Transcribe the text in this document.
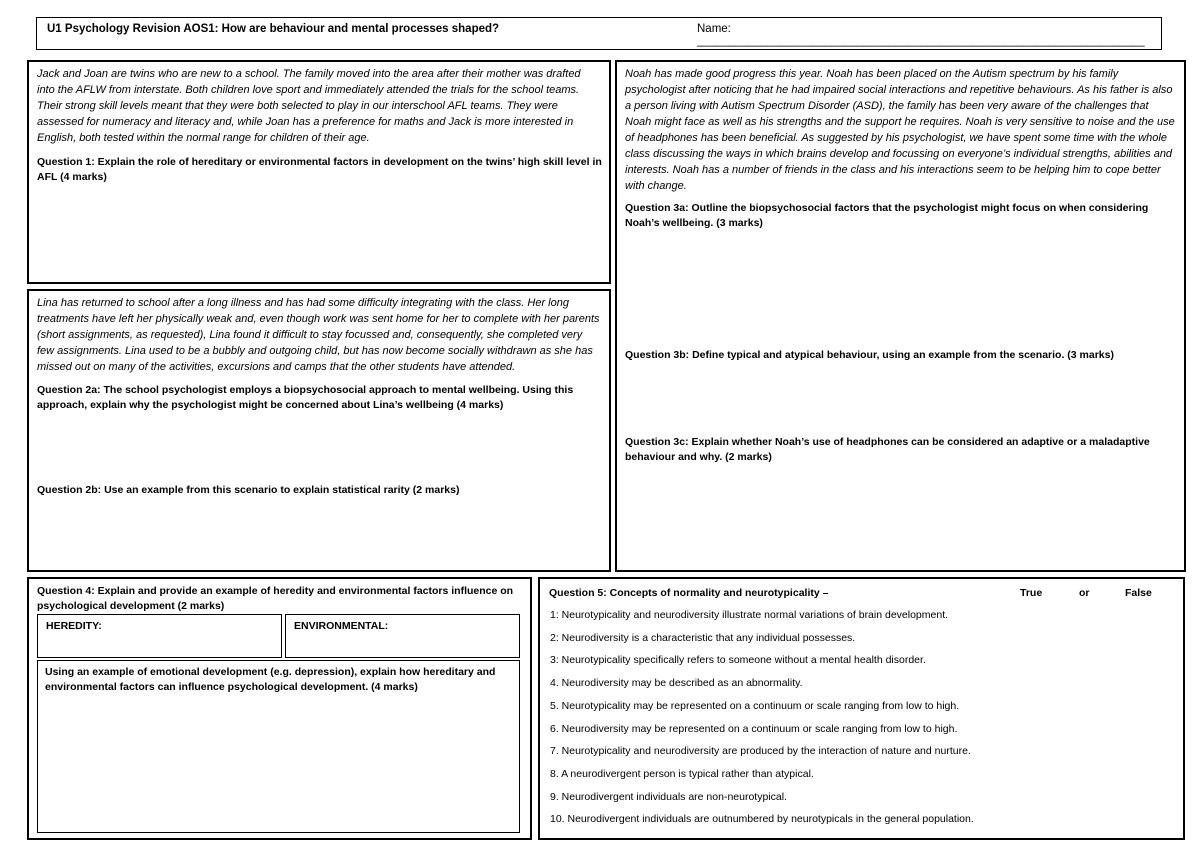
U1 Psychology Revision AOS1: How are behaviour and mental processes shaped?	Name: ______________________________________________________________________

Jack and Joan are twins who are new to a school. The family moved into the area after their mother was drafted into the AFLW from interstate. Both children love sport and immediately attended the trials for the school teams. Their strong skill levels meant that they were both selected to play in our interschool AFL teams. They were assessed for numeracy and literacy and, while Joan has a preference for maths and Jack is more interested in English, both tested within the normal range for children of their age.

Question 1: Explain the role of hereditary or environmental factors in development on the twins’ high skill level in AFL (4 marks)

Lina has returned to school after a long illness and has had some difficulty integrating with the class. Her long treatments have left her physically weak and, even though work was sent home for her to complete with her parents (short assignments, as requested), Lina found it difficult to stay focussed and, consequently, she completed very few assignments. Lina used to be a bubbly and outgoing child, but has now become socially withdrawn as she has missed out on many of the activities, excursions and camps that the other students have attended.

Question 2a: The school psychologist employs a biopsychosocial approach to mental wellbeing. Using this approach, explain why the psychologist might be concerned about Lina’s wellbeing (4 marks)

Question 2b: Use an example from this scenario to explain statistical rarity (2 marks)

Noah has made good progress this year. Noah has been placed on the Autism spectrum by his family psychologist after noticing that he had impaired social interactions and repetitive behaviours. As his father is also a person living with Autism Spectrum Disorder (ASD), the family has been very aware of the challenges that Noah might face as well as his strengths and the support he requires. Noah is very sensitive to noise and the use of headphones has been beneficial. As suggested by his psychologist, we have spent some time with the whole class discussing the ways in which brains develop and focussing on everyone’s individual strengths, abilities and interests. Noah has a number of friends in the class and his interactions seem to be helping him to cope better with change.

Question 3a: Outline the biopsychosocial factors that the psychologist might focus on when considering Noah’s wellbeing. (3 marks)

Question 3b: Define typical and atypical behaviour, using an example from the scenario. (3 marks)

Question 3c: Explain whether Noah’s use of headphones can be considered an adaptive or a maladaptive behaviour and why. (2 marks)

Question 4: Explain and provide an example of heredity and environmental factors influence on psychological development (2 marks)

HEREDITY:	ENVIRONMENTAL:

Using an example of emotional development (e.g. depression), explain how hereditary and environmental factors can influence psychological development. (4 marks)

Question 5: Concepts of normality and neurotypicality –	True	or	False
1: Neurotypicality and neurodiversity illustrate normal variations of brain development.
2: Neurodiversity is a characteristic that any individual possesses.
3: Neurotypicality specifically refers to someone without a mental health disorder.
4. Neurodiversity may be described as an abnormality.
5. Neurotypicality may be represented on a continuum or scale ranging from low to high.
6. Neurodiversity may be represented on a continuum or scale ranging from low to high.
7. Neurotypicality and neurodiversity are produced by the interaction of nature and nurture.
8. A neurodivergent person is typical rather than atypical.
9. Neurodivergent individuals are non-neurotypical.
10. Neurodivergent individuals are outnumbered by neurotypicals in the general population.
